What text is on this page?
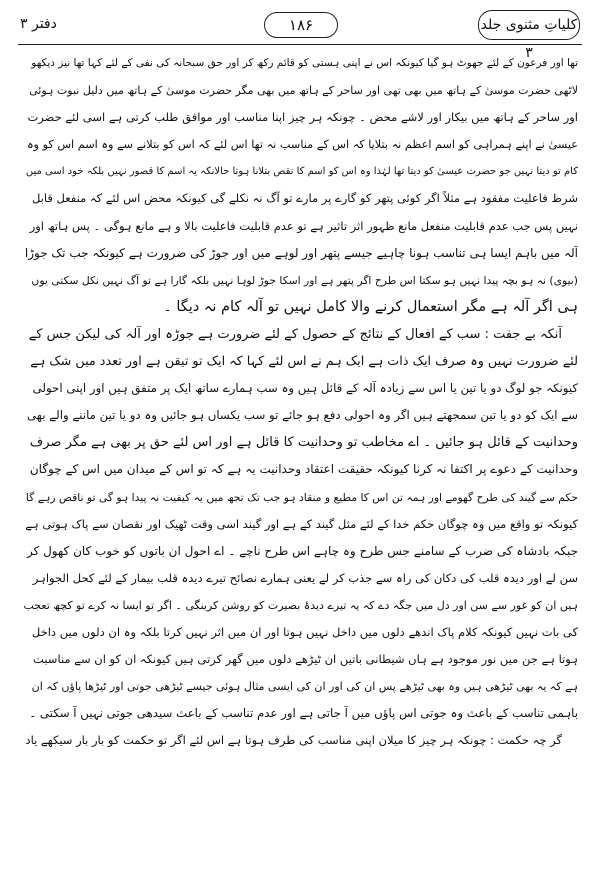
دفتر ۳	۱۸۶	کلیاتِ مثنوی جلد ۳
تھا اور فرعون کے لئے جھوٹ ہو گیا کیونکہ اس نے اپنی ہستی کو قائم رکھ کر اور حق سبحانہ کی نفی کے لئے کہا تھا نیز دیکھو
لاٹھی حضرت موسیٰ کے ہاتھ میں بھی تھی اور ساحر کے ہاتھ میں بھی مگر حضرت موسیٰ کے ہاتھ میں دلیل نبوت ہوئی
اور ساحر کے ہاتھ میں بیکار اور لاشے محض ۔ چونکہ ہر چیز اپنا مناسب اور موافق طلب کرتی ہے اسی لئے حضرت
عیسیٰ نے اپنے ہمراہی کو اسم اعظم نہ بتلایا کہ اس کے مناسب نہ تھا اس لئے کہ اس کو بتلانے سے وہ اسم اس کو وہ
کام تو دیتا نہیں جو حضرت عیسیٰ کو دیتا تھا لہٰذا وہ اس کو اسم کا نقص بتلانا ہوتا حالانکہ یہ اسم کا قصور نہیں بلکہ خود اسی میں
شرط فاعلیت مفقود ہے مثلاً اگر کوئی پتھر کو گارے پر مارے تو آگ نہ نکلے گی کیونکہ محض اس لئے کہ منفعل قابل
نہیں پس جب عدم قابلیت منفعل مانع ظہور اثر تاثیر ہے تو عدم قابلیت فاعلیت بالا و ہے مانع ہوگی ۔ پس ہاتھ اور
آلہ میں باہم ایسا ہی تناسب ہونا چاہیے جیسے پتھر اور لوہے میں اور جوڑ کی ضرورت ہے کیونکہ جب تک جوڑا
(بیوی) نہ ہو بچہ پیدا نہیں ہو سکتا اس طرح اگر پتھر ہے اور اسکا جوڑ لوہا نہیں بلکہ گارا ہے تو آگ نہیں نکل سکتی یوں
ہی اگر آلہ ہے مگر استعمال کرنے والا کامل نہیں تو آلہ کام نہ دیگا ۔
آنکہ بے جفت : سب کے افعال کے نتائج کے حصول کے لئے ضرورت ہے جوڑہ اور آلہ کی لیکن جس کے
لئے ضرورت نہیں وہ صرف ایک ذات ہے ایک ہم نے اس لئے کہا کہ ایک تو تیقن ہے اور تعدد میں شک ہے
کیونکہ جو لوگ دو یا تین یا اس سے زیادہ آلہ کے قائل ہیں وہ سب ہمارے ساتھ ایک پر متفق ہیں اور اپنی احولی
سے ایک کو دو یا تین سمجھتے ہیں اگر وہ احولی دفع ہو جائے تو سب یکساں ہو جائیں وہ دو یا تین ماننے والے بھی
وحدانیت کے قائل ہو جائیں ۔ اے مخاطب تو وحدانیت کا قائل ہے اور اس لئے حق پر بھی ہے مگر صرف
وحدانیت کے دعوے پر اکتفا نہ کرنا کیونکہ حقیقت اعتقاد وحدانیت یہ ہے کہ تو اس کے میدان میں اس کے چوگان
حکم سے گیند کی طرح گھومے اور ہمہ تن اس کا مطیع و منقاد ہو جب تک تجھ میں یہ کیفیت نہ پیدا ہو گی تو ناقص رہے گا
کیونکہ تو واقع میں وہ چوگان حکم خدا کے لئے مثل گیند کے ہے اور گیند اسی وقت ٹھیک اور نقصان سے پاک ہوتی ہے
جبکہ بادشاہ کی ضرب کے سامنے جس طرح وہ چاہے اس طرح ناچے ۔ اے احول ان باتوں کو خوب کان کھول کر
سن لے اور دیدہ قلب کی دکان کی راہ سے جذب کر لے یعنی ہمارے نصائح تیرے دیدہ قلب بیمار کے لئے کحل الجواہر
ہیں ان کو غور سے سن اور دل میں جگہ دے کہ یہ تیرے دیدۂ بصیرت کو روشن کرینگی ۔ اگر تو ایسا نہ کرے تو کچھ تعجب
کی بات نہیں کیونکہ کلام پاک اندھے دلوں میں داخل نہیں ہوتا اور ان میں اثر نہیں کرتا بلکہ وہ ان دلوں میں داخل
ہوتا ہے جن میں نور موجود ہے ہاں شیطانی باتیں ان ٹیڑھے دلوں میں گھر کرتی ہیں کیونکہ ان کو ان سے مناسبت
ہے کہ یہ بھی ٹیڑھی ہیں وہ بھی ٹیڑھے پس ان کی اور ان کی ایسی مثال ہوئی جیسے ٹیڑھی جوتی اور ٹیڑھا پاؤں کہ ان
باہمی تناسب کے باعث وہ جوتی اس پاؤں میں آ جاتی ہے اور عدم تناسب کے باعث سیدھی جوتی نہیں آ سکتی ۔
گر چہ حکمت : چونکہ ہر چیز کا میلان اپنی مناسب کی طرف ہوتا ہے اس لئے اگر تو حکمت کو بار بار سیکھے یاد
